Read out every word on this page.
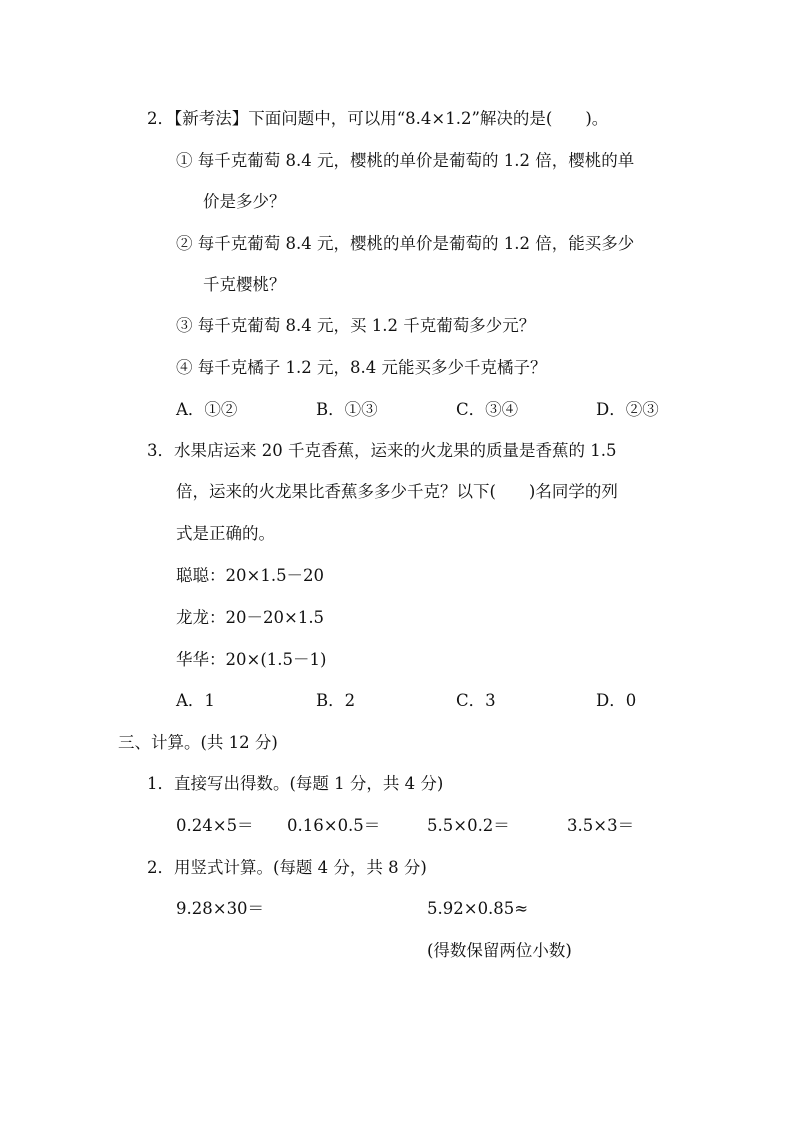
2．【新考法】下面问题中，可以用“8.4×1.2”解决的是(　　)。
① 每千克葡萄 8.4 元，樱桃的单价是葡萄的 1.2 倍，樱桃的单
价是多少？
② 每千克葡萄 8.4 元，樱桃的单价是葡萄的 1.2 倍，能买多少
千克樱桃？
③ 每千克葡萄 8.4 元，买 1.2 千克葡萄多少元？
④ 每千克橘子 1.2 元，8.4 元能买多少千克橘子？
A．①②	B．①③	C．③④	D．②③
3．水果店运来 20 千克香蕉，运来的火龙果的质量是香蕉的 1.5
倍，运来的火龙果比香蕉多多少千克？以下(　　)名同学的列
式是正确的。
聪聪：20×1.5－20
龙龙：20－20×1.5
华华：20×(1.5－1)
A．1	B．2	C．3	D．0
三、计算。(共 12 分)
1．直接写出得数。(每题 1 分，共 4 分)
0.24×5＝ 0.16×0.5＝	5.5×0.2＝	3.5×3＝
2．用竖式计算。(每题 4 分，共 8 分)
9.28×30＝	5.92×0.85≈
(得数保留两位小数)
